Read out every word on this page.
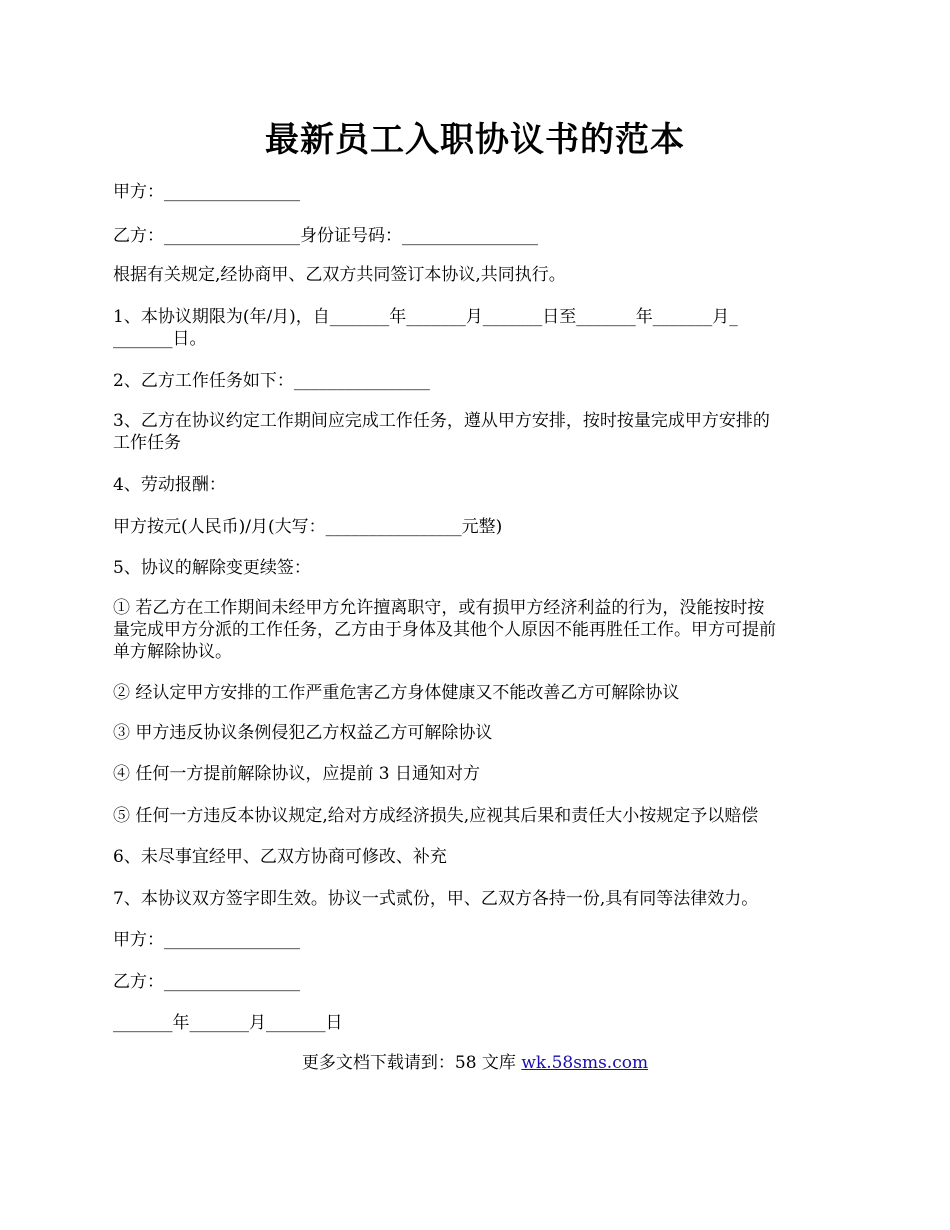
最新员工入职协议书的范本
甲方：________________
乙方：________________身份证号码：________________
根据有关规定,经协商甲、乙双方共同签订本协议,共同执行。
1、本协议期限为(年/月)，自_______年_______月_______日至_______年_______月_
_______日。
2、乙方工作任务如下：________________
3、乙方在协议约定工作期间应完成工作任务，遵从甲方安排，按时按量完成甲方安排的
工作任务
4、劳动报酬：
甲方按元(人民币)/月(大写：________________元整)
5、协议的解除变更续签：
① 若乙方在工作期间未经甲方允许擅离职守，或有损甲方经济利益的行为，没能按时按
量完成甲方分派的工作任务，乙方由于身体及其他个人原因不能再胜任工作。甲方可提前
单方解除协议。
② 经认定甲方安排的工作严重危害乙方身体健康又不能改善乙方可解除协议
③ 甲方违反协议条例侵犯乙方权益乙方可解除协议
④ 任何一方提前解除协议，应提前 3 日通知对方
⑤ 任何一方违反本协议规定,给对方成经济损失,应视其后果和责任大小按规定予以赔偿
6、未尽事宜经甲、乙双方协商可修改、补充
7、本协议双方签字即生效。协议一式贰份，甲、乙双方各持一份,具有同等法律效力。
甲方：________________
乙方：________________
_______年_______月_______日
更多文档下载请到：58 文库 wk.58sms.com
